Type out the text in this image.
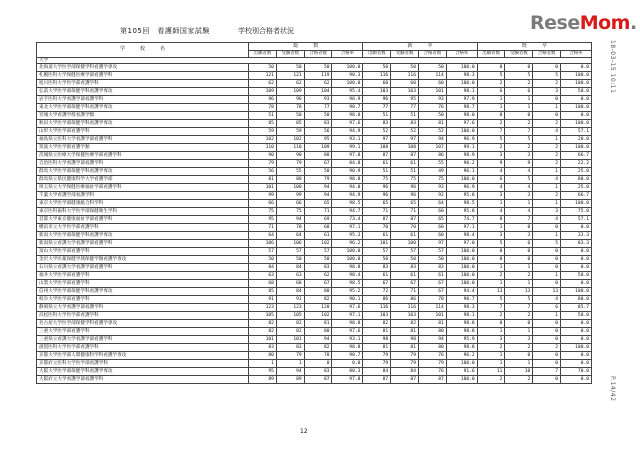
第105回　看護師国家試験	学校別合格者状況	ReseMom.
学　　　校　　　名	総　　　数				新　　　卒				既　　　卒			
	出願者数	受験者数	合格者数	合格率	出願者数	受験者数	合格者数	合格率	出願者数	受験者数	合格者数	合格率
大学												
北海道大学医学部保健学科看護学専攻	50	50	50	100.0	50	50	50	100.0	0	0	0	0.0
札幌医科大学保健医療学部看護学科	121	121	119	98.3	116	116	114	98.3	5	5	5	100.0
旭川医科大学医学部看護学科	62	62	62	100.0	60	60	60	100.0	2	2	2	100.0
弘前大学医学部保健学科看護学専攻	109	109	104	95.4	103	103	101	98.1	6	6	3	50.0
岩手医科大学看護学部看護学科	96	96	93	96.9	96	95	93	97.9	1	1	0	0.0
東北大学医学部保健学科看護学専攻	78	78	77	98.7	77	77	76	98.7	1	1	1	100.0
宮城大学看護学群看護学類	51	50	50	98.0	51	51	50	98.0	0	0	0	0.0
秋田大学医学部保健学科看護学専攻	85	85	83	97.6	83	83	81	97.6	2	2	2	100.0
山形大学医学部看護学科	59	59	56	94.9	52	52	52	100.0	7	7	4	57.1
福島県立医科大学看護学部看護学科	102	102	95	93.1	97	97	94	96.9	5	5	1	20.0
筑波大学医学群看護学類	110	110	109	99.1	108	108	107	99.1	2	2	2	100.0
茨城県立医療大学保健医療学部看護学科	90	90	88	97.8	87	87	86	98.9	3	3	2	66.7
自治医科大学看護学部看護学科	79	79	67	84.8	61	61	55	90.2	9	9	2	22.2
群馬大学医学部保健学科看護学専攻	56	55	50	90.9	51	51	49	96.1	4	4	1	25.0
群馬県立県民健康科学大学看護学部	81	80	79	98.8	75	75	75	100.0	6	5	4	80.0
埼玉県立大学保健医療福祉学部看護学科	101	100	94	94.0	96	96	93	96.9	4	4	1	25.0
千葉大学看護学部看護学科	99	99	94	94.9	96	96	92	95.8	3	3	2	66.7
東京大学医学部健康総合科学科	66	66	65	98.5	65	65	64	98.5	1	1	1	100.0
東京医科歯科大学医学部保健衛生学科	75	75	71	94.7	71	71	68	95.8	4	4	3	75.0
首都大学東京健康福祉学部看護学科	95	94	69	73.4	87	87	65	74.7	8	7	4	57.1
横浜市立大学医学部看護学科	71	70	68	97.1	70	70	68	97.1	1	0	0	0.0
新潟大学医学部保健学科看護学専攻	64	64	61	95.3	61	61	60	98.4	3	3	1	33.3
新潟県立看護大学看護学部看護学科	106	106	102	96.2	101	100	97	97.0	5	6	5	83.3
富山大学医学部看護学科	57	57	57	100.0	57	57	57	100.0	0	0	0	0.0
金沢大学医薬保健学域保健学類看護学専攻	50	50	50	100.0	50	50	50	100.0	0	0	0	0.0
石川県立看護大学看護学部看護学科	84	84	83	98.8	83	83	83	100.0	1	1	0	0.0
福井大学医学部看護学科	63	63	62	98.4	61	61	61	100.0	2	2	1	50.0
山梨大学医学部看護学科	68	68	67	98.5	67	67	67	100.0	1	1	0	0.0
信州大学医学部保健学科看護学専攻	85	84	80	95.2	72	71	67	94.4	13	13	13	100.0
岐阜大学医学部看護学科	91	91	82	90.1	86	86	78	90.7	5	5	4	80.0
静岡県立大学看護学部看護学科	123	123	120	97.6	116	116	114	98.3	7	7	6	85.7
浜松医科大学医学部看護学科	105	105	102	97.1	103	103	101	98.1	2	2	1	50.0
名古屋大学医学部保健学科看護学専攻	82	82	81	98.8	82	82	81	98.8	0	0	0	0.0
三重大学医学部看護学科	82	82	80	97.6	81	81	80	98.8	1	1	0	0.0
三重県立看護大学看護学部看護学科	101	101	94	93.1	98	98	94	95.9	3	3	0	0.0
滋賀医科大学医学部看護学科	83	83	82	98.8	81	81	80	98.8	2	2	2	100.0
京都大学医学部人間健康科学科看護学専攻	80	79	78	98.7	79	79	76	96.2	1	0	0	0.0
京都府立医科大学医学部看護学科	1	1	0	0.0	79	79	79	100.0	1	1	0	0.0
大阪大学医学部保健学科看護学専攻	95	94	83	88.3	84	84	76	91.6	11	10	7	70.0
大阪府立大学看護学部看護学科	89	89	87	97.8	87	87	87	100.0	2	2	0	0.0
12
18-03-15 10:11
P.14/42
